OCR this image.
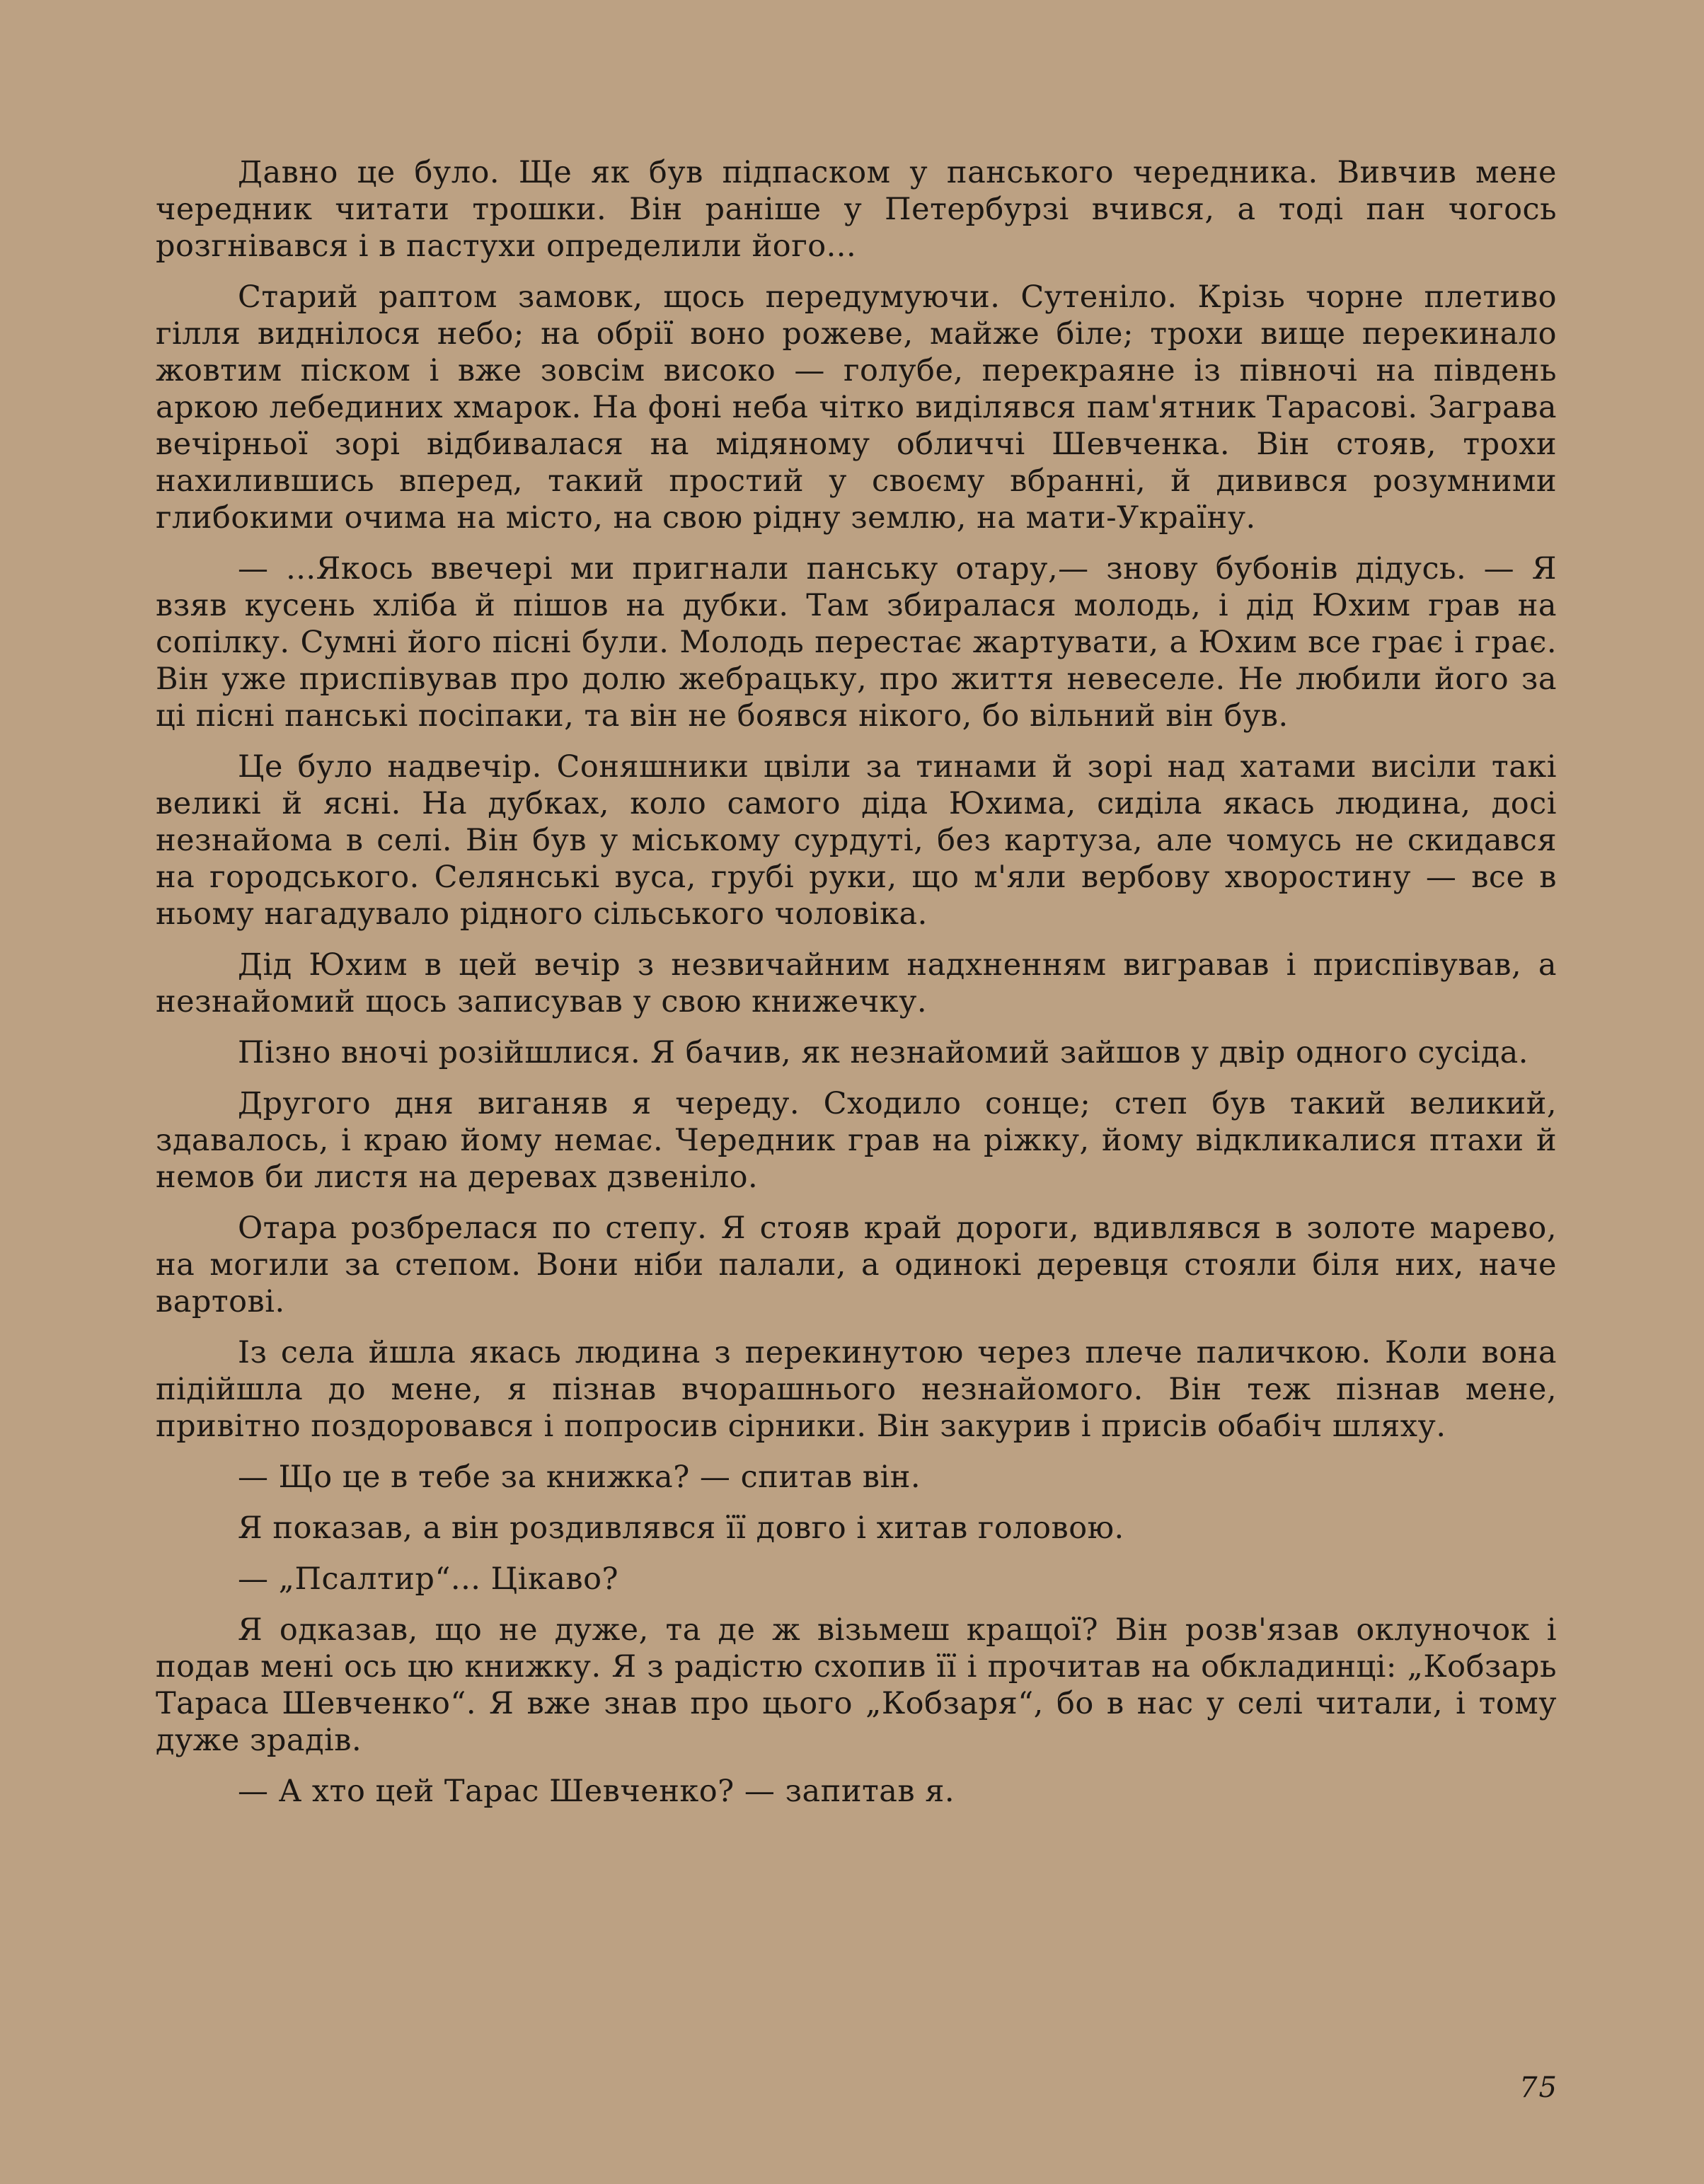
Давно це було. Ще як був підпаском у панського чередника. Вивчив мене чередник читати трошки. Він раніше у Петербурзі вчився, а тоді пан чогось розгнівався і в пастухи определили його...

Старий раптом замовк, щось передумуючи. Сутеніло. Крізь чорне плетиво гілля виднілося небо; на обрії воно рожеве, майже біле; трохи вище перекинало жовтим піском і вже зовсім високо — голубе, перекраяне із півночі на південь аркою лебединих хмарок. На фоні неба чітко виділявся пам'ятник Тарасові. Заграва вечірньої зорі відбивалася на мідяному обличчі Шевченка. Він стояв, трохи нахилившись вперед, такий простий у своєму вбранні, й дивився розумними глибокими очима на місто, на свою рідну землю, на мати-Україну.

— ...Якось ввечері ми пригнали панську отару,— знову бубонів дідусь. — Я взяв кусень хліба й пішов на дубки. Там збиралася молодь, і дід Юхим грав на сопілку. Сумні його пісні були. Молодь перестає жартувати, а Юхим все грає і грає. Він уже приспівував про долю жебрацьку, про життя невеселе. Не любили його за ці пісні панські посіпаки, та він не боявся нікого, бо вільний він був.

Це було надвечір. Соняшники цвіли за тинами й зорі над хатами висіли такі великі й ясні. На дубках, коло самого діда Юхима, сиділа якась людина, досі незнайома в селі. Він був у міському сурдуті, без картуза, але чомусь не скидався на городського. Селянські вуса, грубі руки, що м'яли вербову хворостину — все в ньому нагадувало рідного сільського чоловіка.

Дід Юхим в цей вечір з незвичайним надхненням вигравав і приспівував, а незнайомий щось записував у свою книжечку.

Пізно вночі розійшлися. Я бачив, як незнайомий зайшов у двір одного сусіда.

Другого дня виганяв я череду. Сходило сонце; степ був такий великий, здавалось, і краю йому немає. Чередник грав на ріжку, йому відкликалися птахи й немов би листя на деревах дзвеніло.

Отара розбрелася по степу. Я стояв край дороги, вдивлявся в золоте марево, на могили за степом. Вони ніби палали, а одинокі деревця стояли біля них, наче вартові.

Із села йшла якась людина з перекинутою через плече паличкою. Коли вона підійшла до мене, я пізнав вчорашнього незнайомого. Він теж пізнав мене, привітно поздоровався і попросив сірники. Він закурив і присів обабіч шляху.

— Що це в тебе за книжка? — спитав він.

Я показав, а він роздивлявся її довго і хитав головою.

— „Псалтир“... Цікаво?

Я одказав, що не дуже, та де ж візьмеш кращої? Він розв'язав оклуночок і подав мені ось цю книжку. Я з радістю схопив її і прочитав на обкладинці: „Кобзарь Тараса Шевченко“. Я вже знав про цього „Кобзаря“, бо в нас у селі читали, і тому дуже зрадів.

— А хто цей Тарас Шевченко? — запитав я.

75
